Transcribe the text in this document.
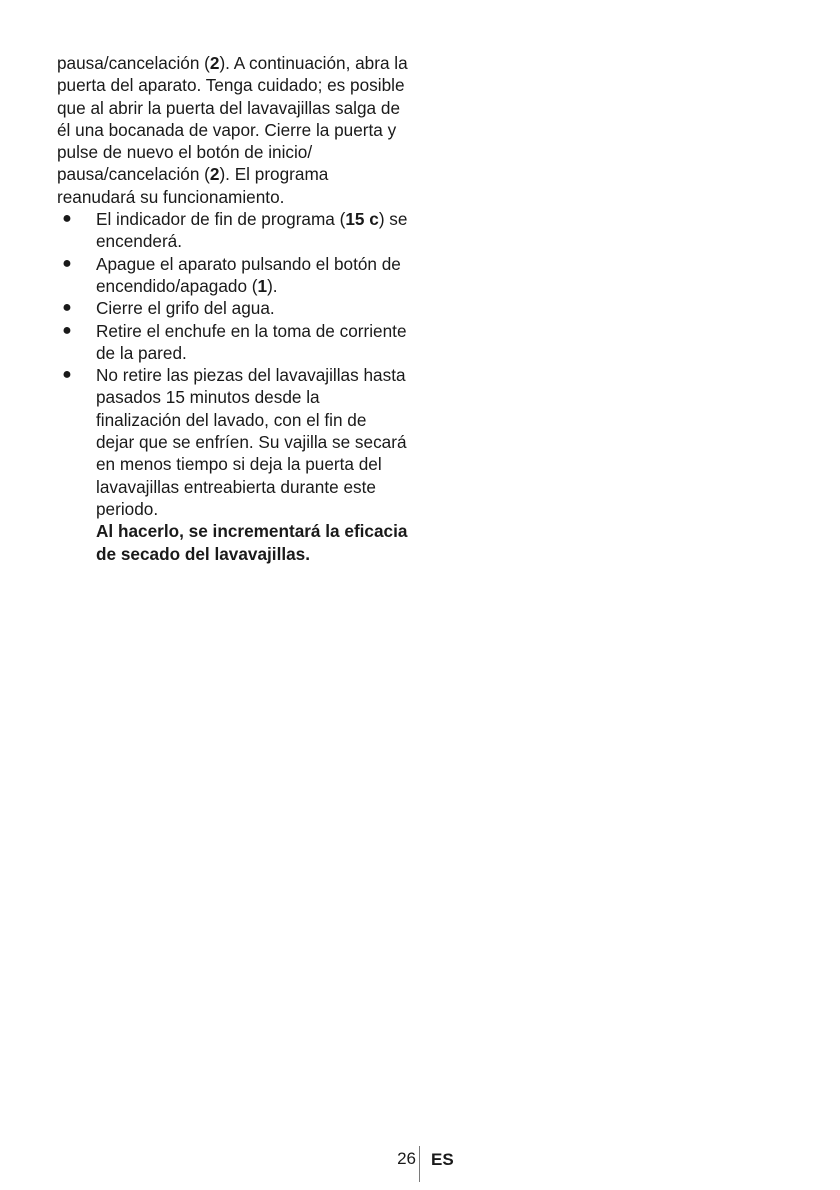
pausa/cancelación (2). A continuación, abra la puerta del aparato. Tenga cuidado; es posible que al abrir la puerta del lavavajillas salga de él una bocanada de vapor. Cierre la puerta y pulse de nuevo el botón de inicio/ pausa/cancelación (2). El programa reanudará su funcionamiento.

● El indicador de fin de programa (15 c) se encenderá.
● Apague el aparato pulsando el botón de encendido/apagado (1).
● Cierre el grifo del agua.
● Retire el enchufe en la toma de corriente de la pared.
● No retire las piezas del lavavajillas hasta pasados 15 minutos desde la finalización del lavado, con el fin de dejar que se enfríen. Su vajilla se secará en menos tiempo si deja la puerta del lavavajillas entreabierta durante este periodo.
Al hacerlo, se incrementará la eficacia de secado del lavavajillas.
26 ES
